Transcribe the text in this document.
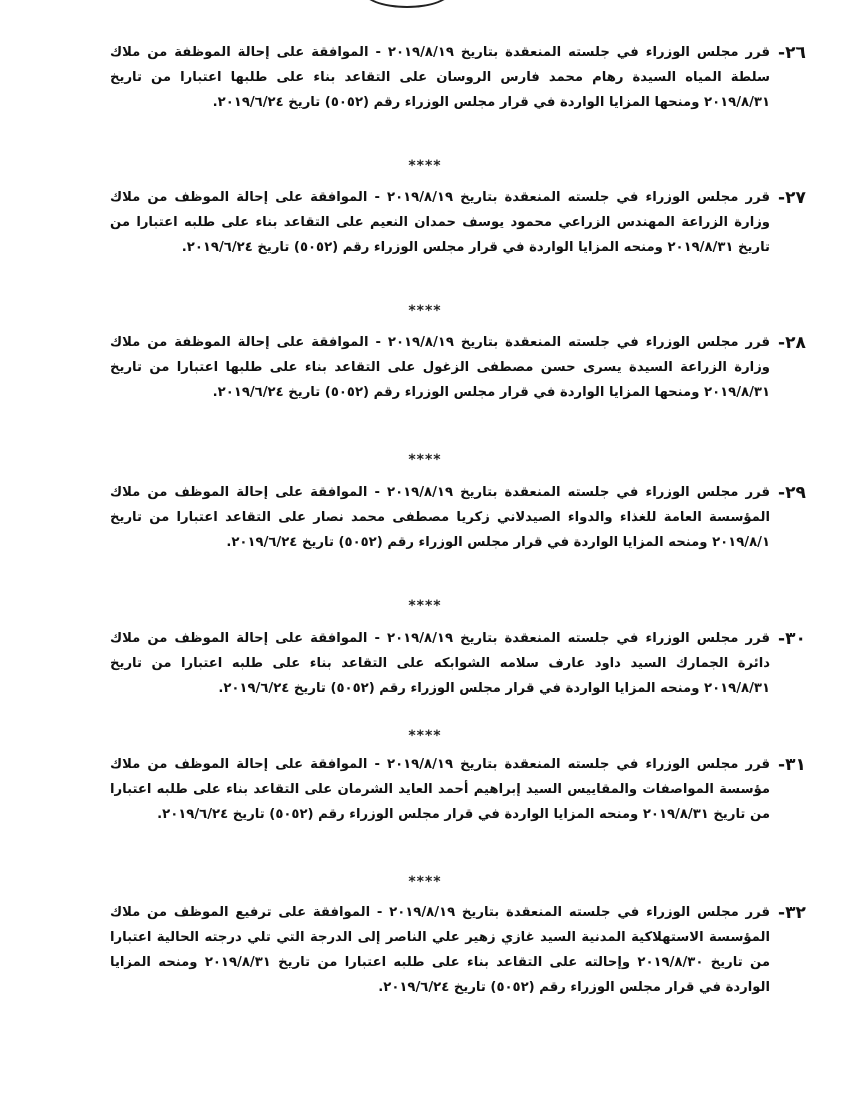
٢٦-
قرر مجلس الوزراء في جلسته المنعقدة بتاريخ ٢٠١٩/٨/١٩ - الموافقة على إحالة الموظفة من ملاك سلطة المياه السيدة رهام محمد فارس الروسان على التقاعد بناء على طلبها اعتبارا من تاريخ ٢٠١٩/٨/٣١ ومنحها المزايا الواردة في قرار مجلس الوزراء رقم (٥٠٥٢) تاريخ ٢٠١٩/٦/٢٤.
****
٢٧-
قرر مجلس الوزراء في جلسته المنعقدة بتاريخ ٢٠١٩/٨/١٩ - الموافقة على إحالة الموظف من ملاك وزارة الزراعة المهندس الزراعي محمود يوسف حمدان النعيم على التقاعد بناء على طلبه اعتبارا من تاريخ ٢٠١٩/٨/٣١ ومنحه المزايا الواردة في قرار مجلس الوزراء رقم (٥٠٥٢) تاريخ ٢٠١٩/٦/٢٤.
****
٢٨-
قرر مجلس الوزراء في جلسته المنعقدة بتاريخ ٢٠١٩/٨/١٩ - الموافقة على إحالة الموظفة من ملاك وزارة الزراعة السيدة يسرى حسن مصطفى الزغول على التقاعد بناء على طلبها اعتبارا من تاريخ ٢٠١٩/٨/٣١ ومنحها المزايا الواردة في قرار مجلس الوزراء رقم (٥٠٥٢) تاريخ ٢٠١٩/٦/٢٤.
****
٢٩-
قرر مجلس الوزراء في جلسته المنعقدة بتاريخ ٢٠١٩/٨/١٩ - الموافقة على إحالة الموظف من ملاك المؤسسة العامة للغذاء والدواء الصيدلاني زكريا مصطفى محمد نصار على التقاعد اعتبارا من تاريخ ٢٠١٩/٨/١ ومنحه المزايا الواردة في قرار مجلس الوزراء رقم (٥٠٥٢) تاريخ ٢٠١٩/٦/٢٤.
****
٣٠-
قرر مجلس الوزراء في جلسته المنعقدة بتاريخ ٢٠١٩/٨/١٩ - الموافقة على إحالة الموظف من ملاك دائرة الجمارك السيد داود عارف سلامه الشوابكه على التقاعد بناء على طلبه اعتبارا من تاريخ ٢٠١٩/٨/٣١ ومنحه المزايا الواردة في قرار مجلس الوزراء رقم (٥٠٥٢) تاريخ ٢٠١٩/٦/٢٤.
****
٣١-
قرر مجلس الوزراء في جلسته المنعقدة بتاريخ ٢٠١٩/٨/١٩ - الموافقة على إحالة الموظف من ملاك مؤسسة المواصفات والمقاييس السيد إبراهيم أحمد العايد الشرمان على التقاعد بناء على طلبه اعتبارا من تاريخ ٢٠١٩/٨/٣١ ومنحه المزايا الواردة في قرار مجلس الوزراء رقم (٥٠٥٢) تاريخ ٢٠١٩/٦/٢٤.
****
٣٢-
قرر مجلس الوزراء في جلسته المنعقدة بتاريخ ٢٠١٩/٨/١٩ - الموافقة على ترفيع الموظف من ملاك المؤسسة الاستهلاكية المدنية السيد غازي زهير علي الناصر إلى الدرجة التي تلي درجته الحالية اعتبارا من تاريخ ٢٠١٩/٨/٣٠ وإحالته على التقاعد بناء على طلبه اعتبارا من تاريخ ٢٠١٩/٨/٣١ ومنحه المزايا الواردة في قرار مجلس الوزراء رقم (٥٠٥٢) تاريخ ٢٠١٩/٦/٢٤.
